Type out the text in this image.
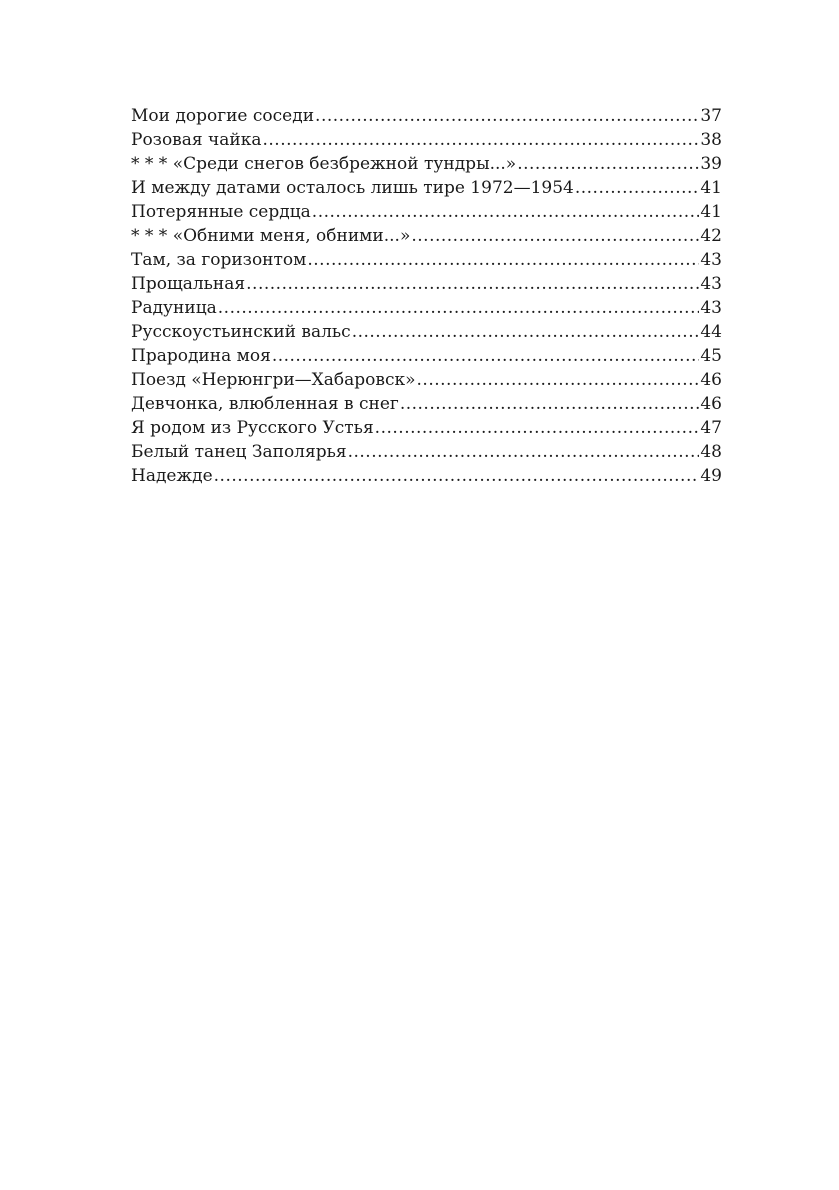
Мои дорогие соседи .....	37
Розовая чайка .....	38
* * * «Среди снегов безбрежной тундры...» .....	39
И между датами осталось лишь тире 1972—1954 .....	41
Потерянные сердца .....	41
* * * «Обними меня, обними...» .....	42
Там, за горизонтом .....	43
Прощальная .....	43
Радуница .....	43
Русскоустьинский вальс .....	44
Прародина моя .....	45
Поезд «Нерюнгри—Хабаровск» .....	46
Девчонка, влюбленная в снег .....	46
Я родом из Русского Устья .....	47
Белый танец Заполярья .....	48
Надежде .....	49
